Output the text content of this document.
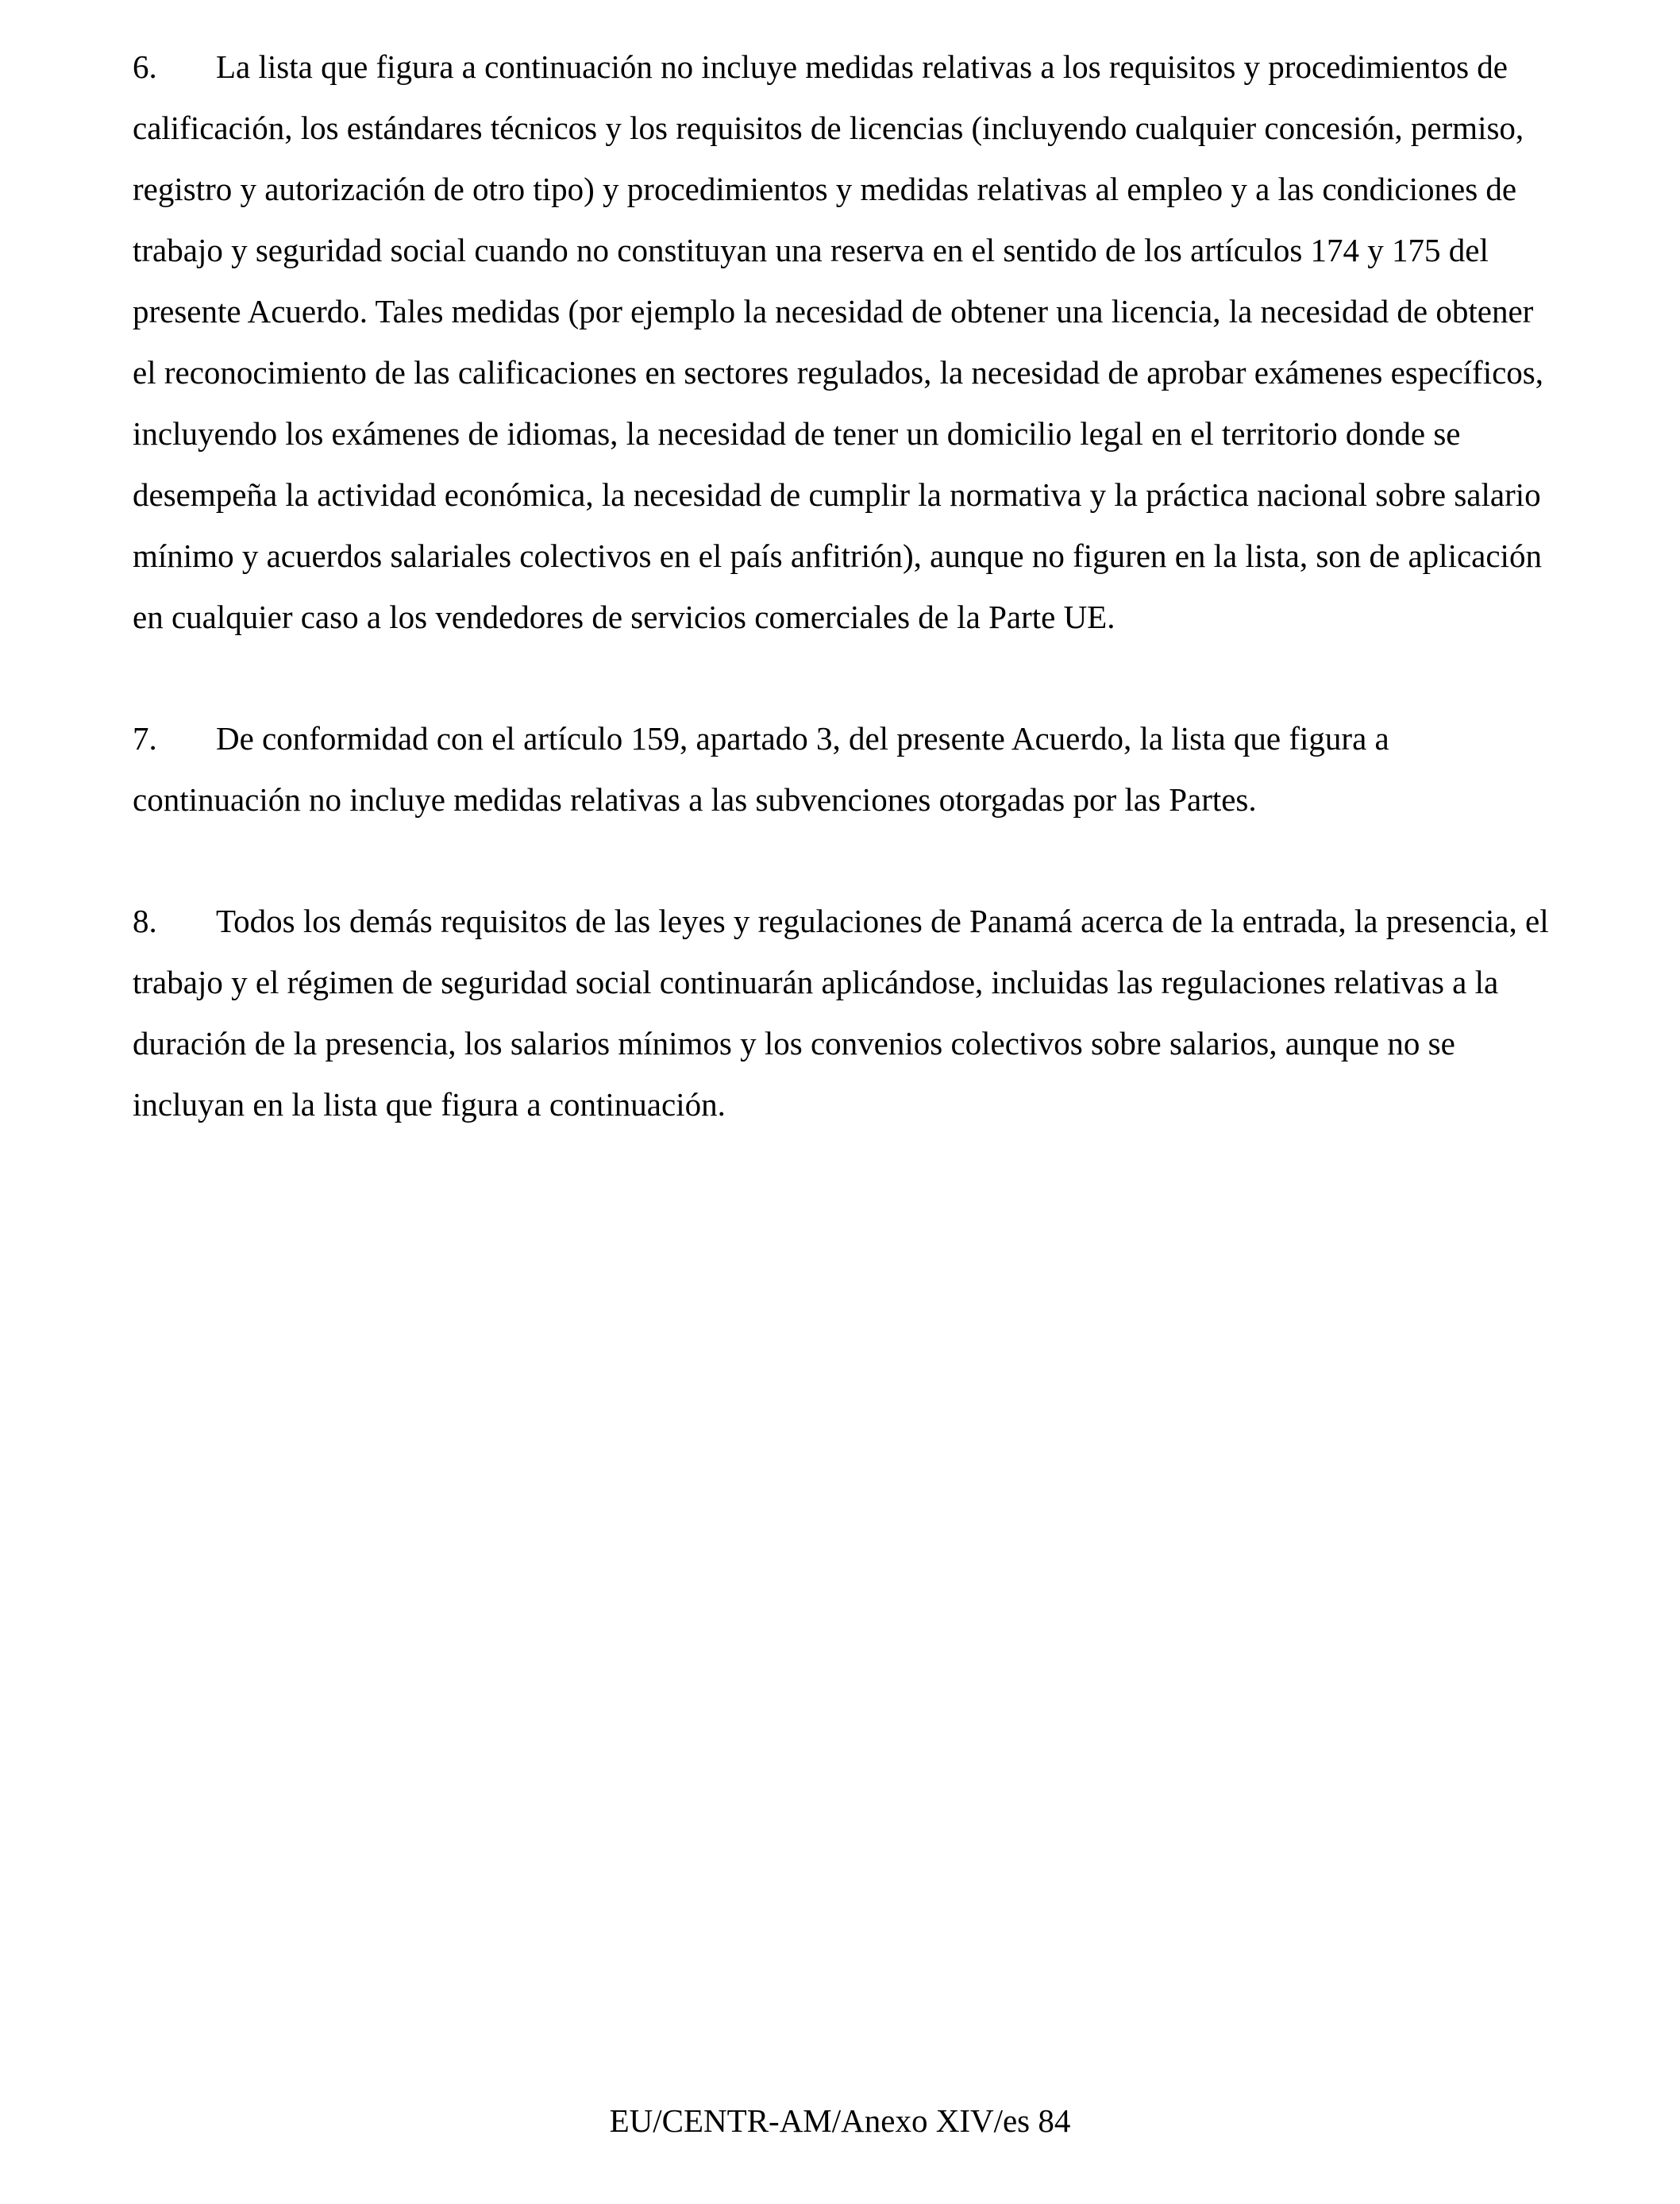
6. La lista que figura a continuación no incluye medidas relativas a los requisitos y procedimientos de calificación, los estándares técnicos y los requisitos de licencias (incluyendo cualquier concesión, permiso, registro y autorización de otro tipo) y procedimientos y medidas relativas al empleo y a las condiciones de trabajo y seguridad social cuando no constituyan una reserva en el sentido de los artículos 174 y 175 del presente Acuerdo. Tales medidas (por ejemplo la necesidad de obtener una licencia, la necesidad de obtener el reconocimiento de las calificaciones en sectores regulados, la necesidad de aprobar exámenes específicos, incluyendo los exámenes de idiomas, la necesidad de tener un domicilio legal en el territorio donde se desempeña la actividad económica, la necesidad de cumplir la normativa y la práctica nacional sobre salario mínimo y acuerdos salariales colectivos en el país anfitrión), aunque no figuren en la lista, son de aplicación en cualquier caso a los vendedores de servicios comerciales de la Parte UE.

7. De conformidad con el artículo 159, apartado 3, del presente Acuerdo, la lista que figura a continuación no incluye medidas relativas a las subvenciones otorgadas por las Partes.

8. Todos los demás requisitos de las leyes y regulaciones de Panamá acerca de la entrada, la presencia, el trabajo y el régimen de seguridad social continuarán aplicándose, incluidas las regulaciones relativas a la duración de la presencia, los salarios mínimos y los convenios colectivos sobre salarios, aunque no se incluyan en la lista que figura a continuación.

EU/CENTR-AM/Anexo XIV/es 84
